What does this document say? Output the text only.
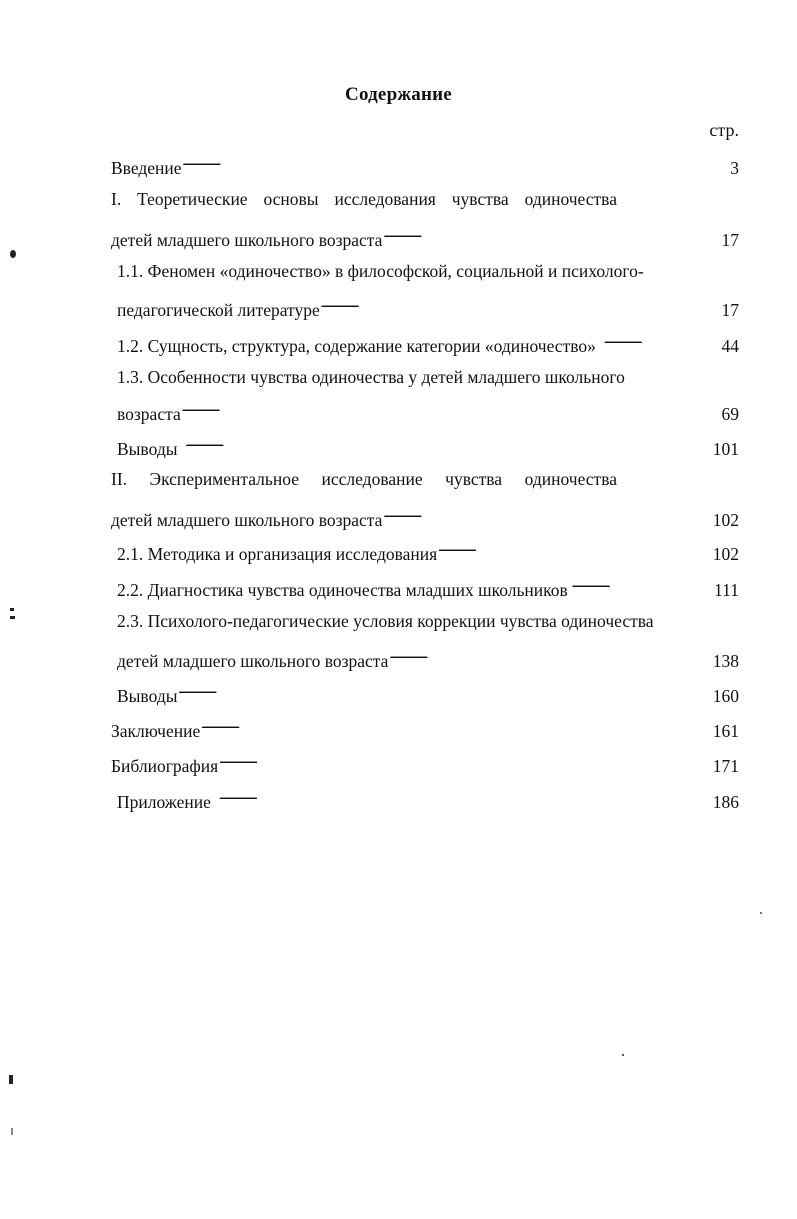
Содержание
стр.
Введение . . .	3
I. Теоретические основы исследования чувства одиночества
детей младшего школьного возраста . . .	17
1.1. Феномен «одиночество» в философской, социальной и психолого-
педагогической литературе . . .	17
1.2. Сущность, структура, содержание категории «одиночество» . . .	44
1.3. Особенности чувства одиночества у детей младшего школьного
возраста . . .	69
Выводы . . .	101
II. Экспериментальное исследование чувства одиночества
детей младшего школьного возраста . . .	102
2.1. Методика и организация исследования . . .	102
2.2. Диагностика чувства одиночества младших школьников . . .	111
2.3. Психолого-педагогические условия коррекции чувства одиночества
детей младшего школьного возраста . . .	138
Выводы . . .	160
Заключение . . .	161
Библиография . . .	171
Приложение . . .	186
